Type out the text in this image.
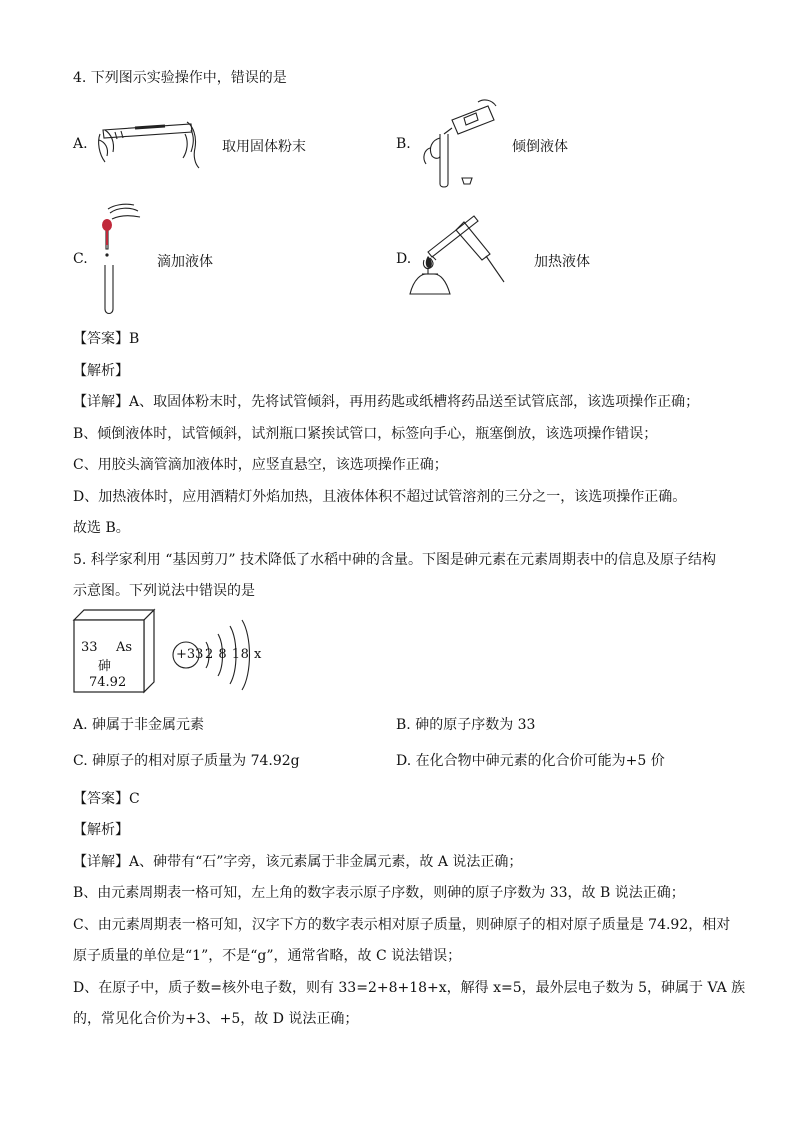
4. 下列图示实验操作中，错误的是
A.	取用固体粉末	B.	倾倒液体
C.	滴加液体	D.	加热液体
【答案】B
【解析】
【详解】A、取固体粉末时，先将试管倾斜，再用药匙或纸槽将药品送至试管底部，该选项操作正确；
B、倾倒液体时，试管倾斜，试剂瓶口紧挨试管口，标签向手心，瓶塞倒放，该选项操作错误；
C、用胶头滴管滴加液体时，应竖直悬空，该选项操作正确；
D、加热液体时，应用酒精灯外焰加热，且液体体积不超过试管溶剂的三分之一，该选项操作正确。
故选 B。
5. 科学家利用 “基因剪刀” 技术降低了水稻中砷的含量。下图是砷元素在元素周期表中的信息及原子结构
示意图。下列说法中错误的是
33 As
砷
74.92
+33 2 8 18 x
A. 砷属于非金属元素	B. 砷的原子序数为 33
C. 砷原子的相对原子质量为 74.92g	D. 在化合物中砷元素的化合价可能为+5 价
【答案】C
【解析】
【详解】A、砷带有“石”字旁，该元素属于非金属元素，故 A 说法正确；
B、由元素周期表一格可知，左上角的数字表示原子序数，则砷的原子序数为 33，故 B 说法正确；
C、由元素周期表一格可知，汉字下方的数字表示相对原子质量，则砷原子的相对原子质量是 74.92，相对
原子质量的单位是“1”，不是“g”，通常省略，故 C 说法错误；
D、在原子中，质子数=核外电子数，则有 33=2+8+18+x，解得 x=5，最外层电子数为 5，砷属于 VA 族
的，常见化合价为+3、+5，故 D 说法正确；
